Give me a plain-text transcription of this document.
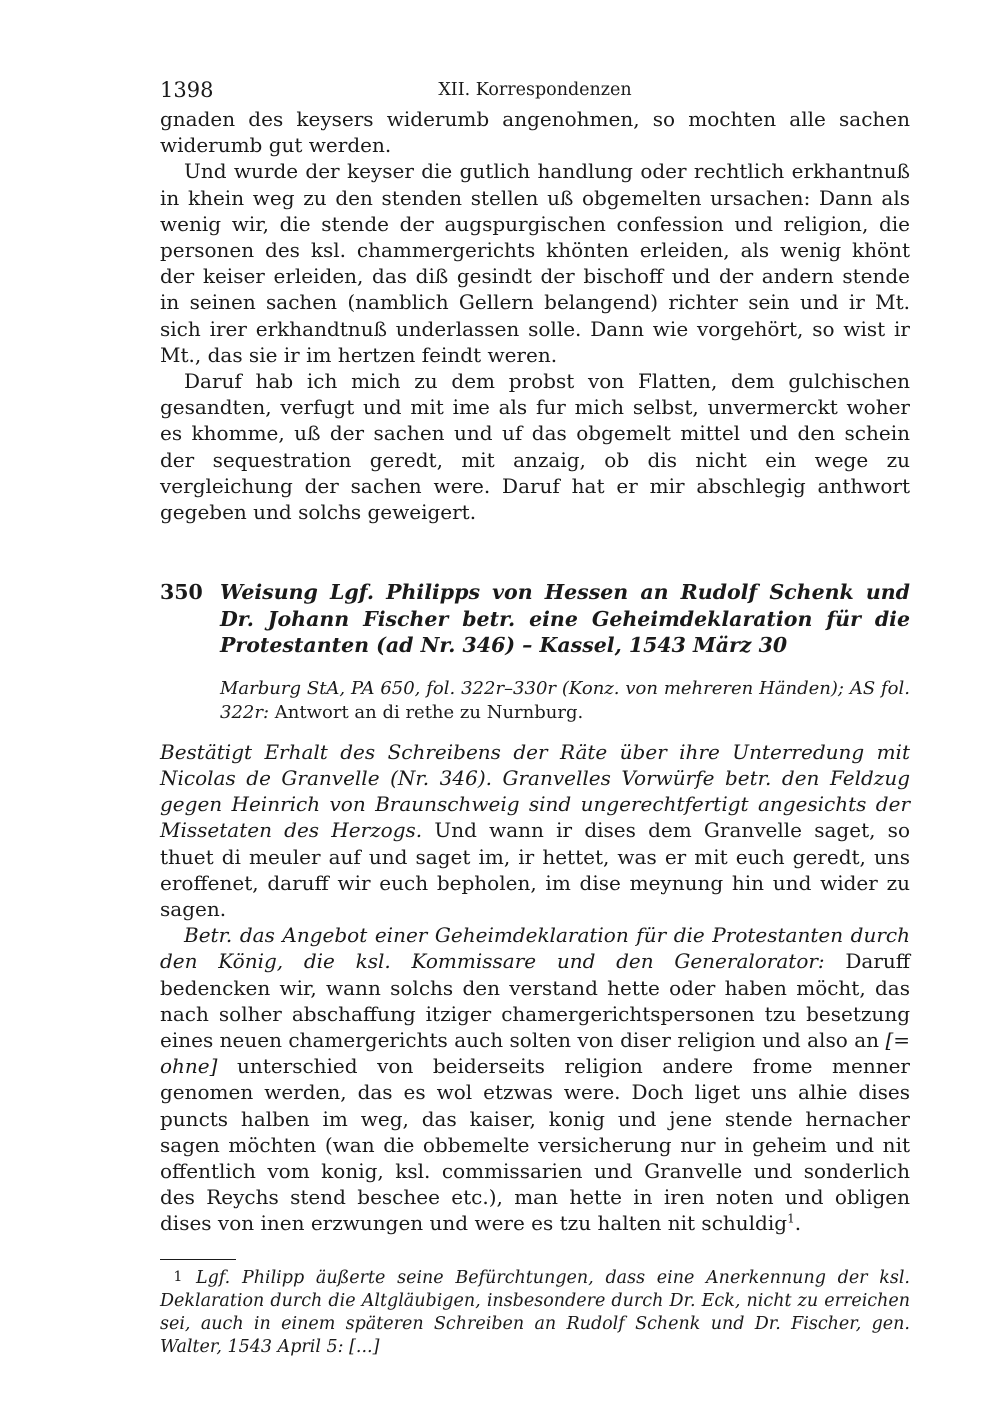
1398	XII. Korrespondenzen

gnaden des keysers widerumb angenohmen, so mochten alle sachen widerumb gut werden.

Und wurde der keyser die gutlich handlung oder rechtlich erkhantnuß in khein weg zu den stenden stellen uß obgemelten ursachen: Dann als wenig wir, die stende der augspurgischen confession und religion, die personen des ksl. chammergerichts khönten erleiden, als wenig khönt der keiser erleiden, das diß gesindt der bischoff und der andern stende in seinen sachen (namblich Gellern belangend) richter sein und ir Mt. sich irer erkhandtnuß underlassen solle. Dann wie vorgehört, so wist ir Mt., das sie ir im hertzen feindt weren.

Daruf hab ich mich zu dem probst von Flatten, dem gulchischen gesandten, verfugt und mit ime als fur mich selbst, unvermerckt woher es khomme, uß der sachen und uf das obgemelt mittel und den schein der sequestration geredt, mit anzaig, ob dis nicht ein wege zu vergleichung der sachen were. Daruf hat er mir abschlegig anthwort gegeben und solchs geweigert.

350 Weisung Lgf. Philipps von Hessen an Rudolf Schenk und Dr. Johann Fischer betr. eine Geheimdeklaration für die Protestanten (ad Nr. 346) – Kassel, 1543 März 30

Marburg StA, PA 650, fol. 322r–330r (Konz. von mehreren Händen); AS fol. 322r: Antwort an di rethe zu Nurnburg.

Bestätigt Erhalt des Schreibens der Räte über ihre Unterredung mit Nicolas de Granvelle (Nr. 346). Granvelles Vorwürfe betr. den Feldzug gegen Heinrich von Braunschweig sind ungerechtfertigt angesichts der Missetaten des Herzogs. Und wann ir dises dem Granvelle saget, so thuet di meuler auf und saget im, ir hettet, was er mit euch geredt, uns eroffenet, daruff wir euch bepholen, im dise meynung hin und wider zu sagen.

Betr. das Angebot einer Geheimdeklaration für die Protestanten durch den König, die ksl. Kommissare und den Generalorator: Daruff bedencken wir, wann solchs den verstand hette oder haben möcht, das nach solher abschaffung itziger chamergerichtspersonen tzu besetzung eines neuen chamergerichts auch solten von diser religion und also an [= ohne] unterschied von beiderseits religion andere frome menner genomen werden, das es wol etzwas were. Doch liget uns alhie dises puncts halben im weg, das kaiser, konig und jene stende hernacher sagen möchten (wan die obbemelte versicherung nur in geheim und nit offentlich vom konig, ksl. commissarien und Granvelle und sonderlich des Reychs stend beschee etc.), man hette in iren noten und obligen dises von inen erzwungen und were es tzu halten nit schuldig$^1$.

1 Lgf. Philipp äußerte seine Befürchtungen, dass eine Anerkennung der ksl. Deklaration durch die Altgläubigen, insbesondere durch Dr. Eck, nicht zu erreichen sei, auch in einem späteren Schreiben an Rudolf Schenk und Dr. Fischer, gen. Walter, 1543 April 5: [...]
